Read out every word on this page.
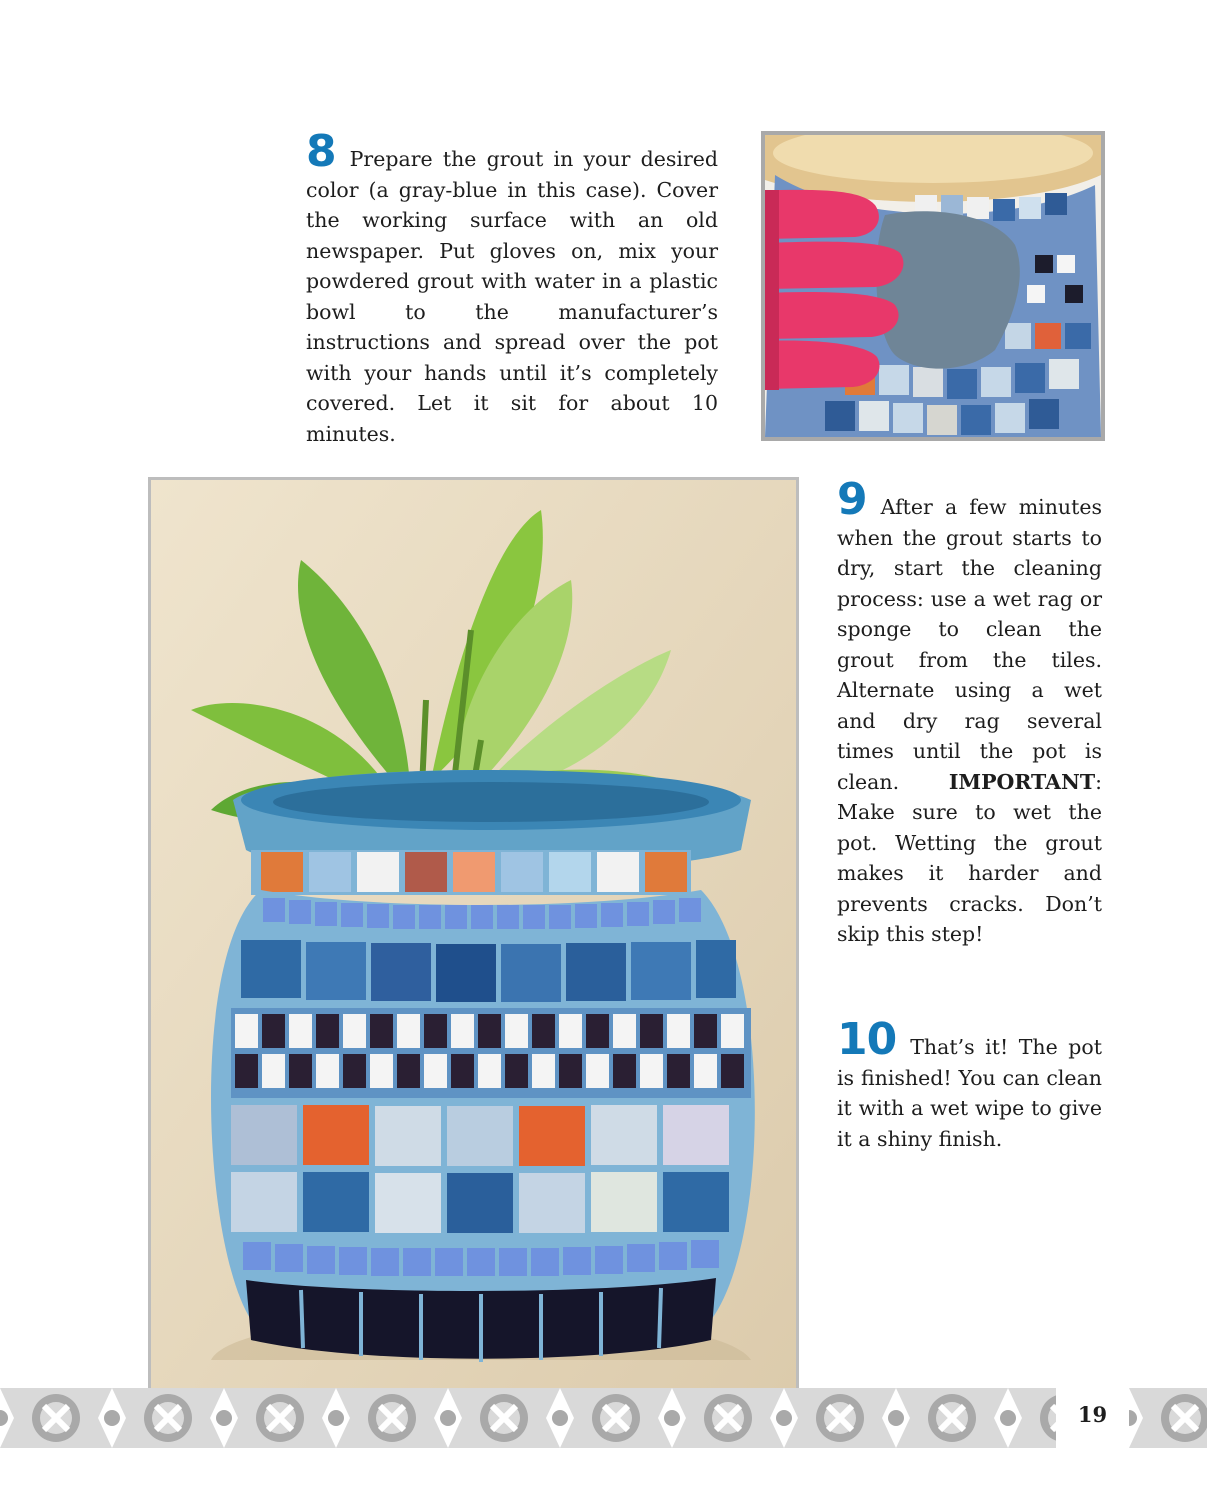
8 Prepare the grout in your desired color (a gray-blue in this case). Cover the working surface with an old newspaper. Put gloves on, mix your powdered grout with water in a plastic bowl to the manufacturer’s instructions and spread over the pot with your hands until it’s completely covered. Let it sit for about 10 minutes.

9 After a few minutes when the grout starts to dry, start the cleaning process: use a wet rag or sponge to clean the grout from the tiles. Alternate using a wet and dry rag several times until the pot is clean. IMPORTANT: Make sure to wet the pot. Wetting the grout makes it harder and prevents cracks. Don’t skip this step!

10 That’s it! The pot is finished! You can clean it with a wet wipe to give it a shiny finish.

19
